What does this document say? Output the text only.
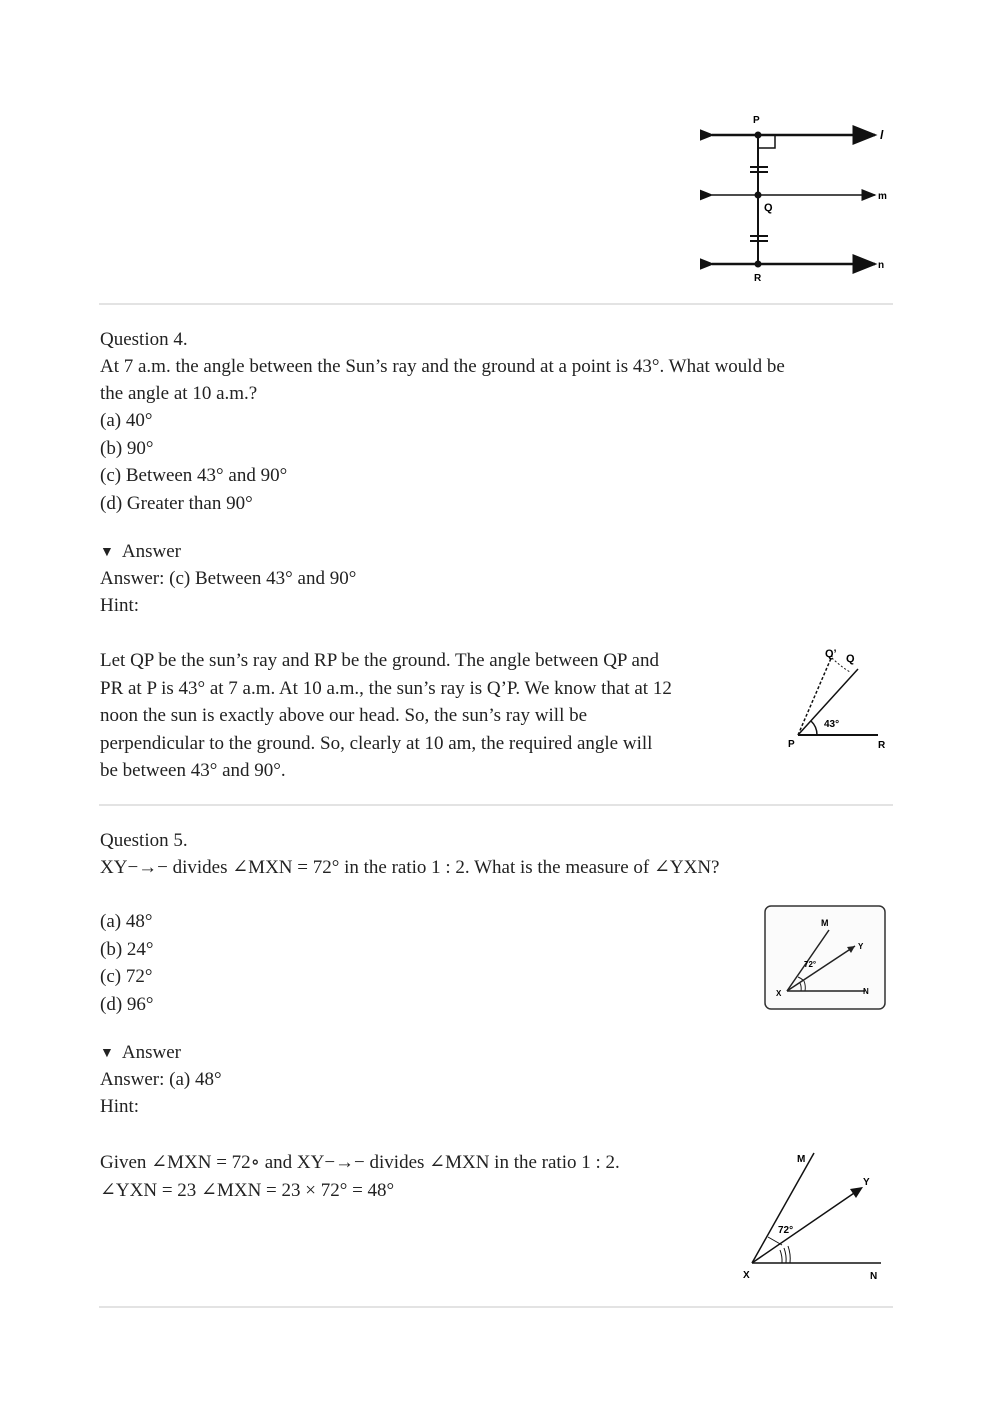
P
Q
R
l
m
n
Question 4.
At 7 a.m. the angle between the Sun’s ray and the ground at a point is 43°. What would be
the angle at 10 a.m.?
(a) 40°
(b) 90°
(c) Between 43° and 90°
(d) Greater than 90°
▼ Answer
Answer: (c) Between 43° and 90°
Hint:
Let QP be the sun’s ray and RP be the ground. The angle between QP and
PR at P is 43° at 7 a.m. At 10 a.m., the sun’s ray is Q’P. We know that at 12
noon the sun is exactly above our head. So, the sun’s ray will be
perpendicular to the ground. So, clearly at 10 am, the required angle will
be between 43° and 90°.
43°
Q’ Q
P	R
Question 5.
XY−→− divides ∠MXN = 72° in the ratio 1 : 2. What is the measure of ∠YXN?
(a) 48°
(b) 24°
(c) 72°
(d) 96°
72°
M
Y
X	N
▼ Answer
Answer: (a) 48°
Hint:
Given ∠MXN = 72∘ and XY−→− divides ∠MXN in the ratio 1 : 2.
∠YXN = 23 ∠MXN = 23 × 72° = 48°
72°
M
Y
X	N
